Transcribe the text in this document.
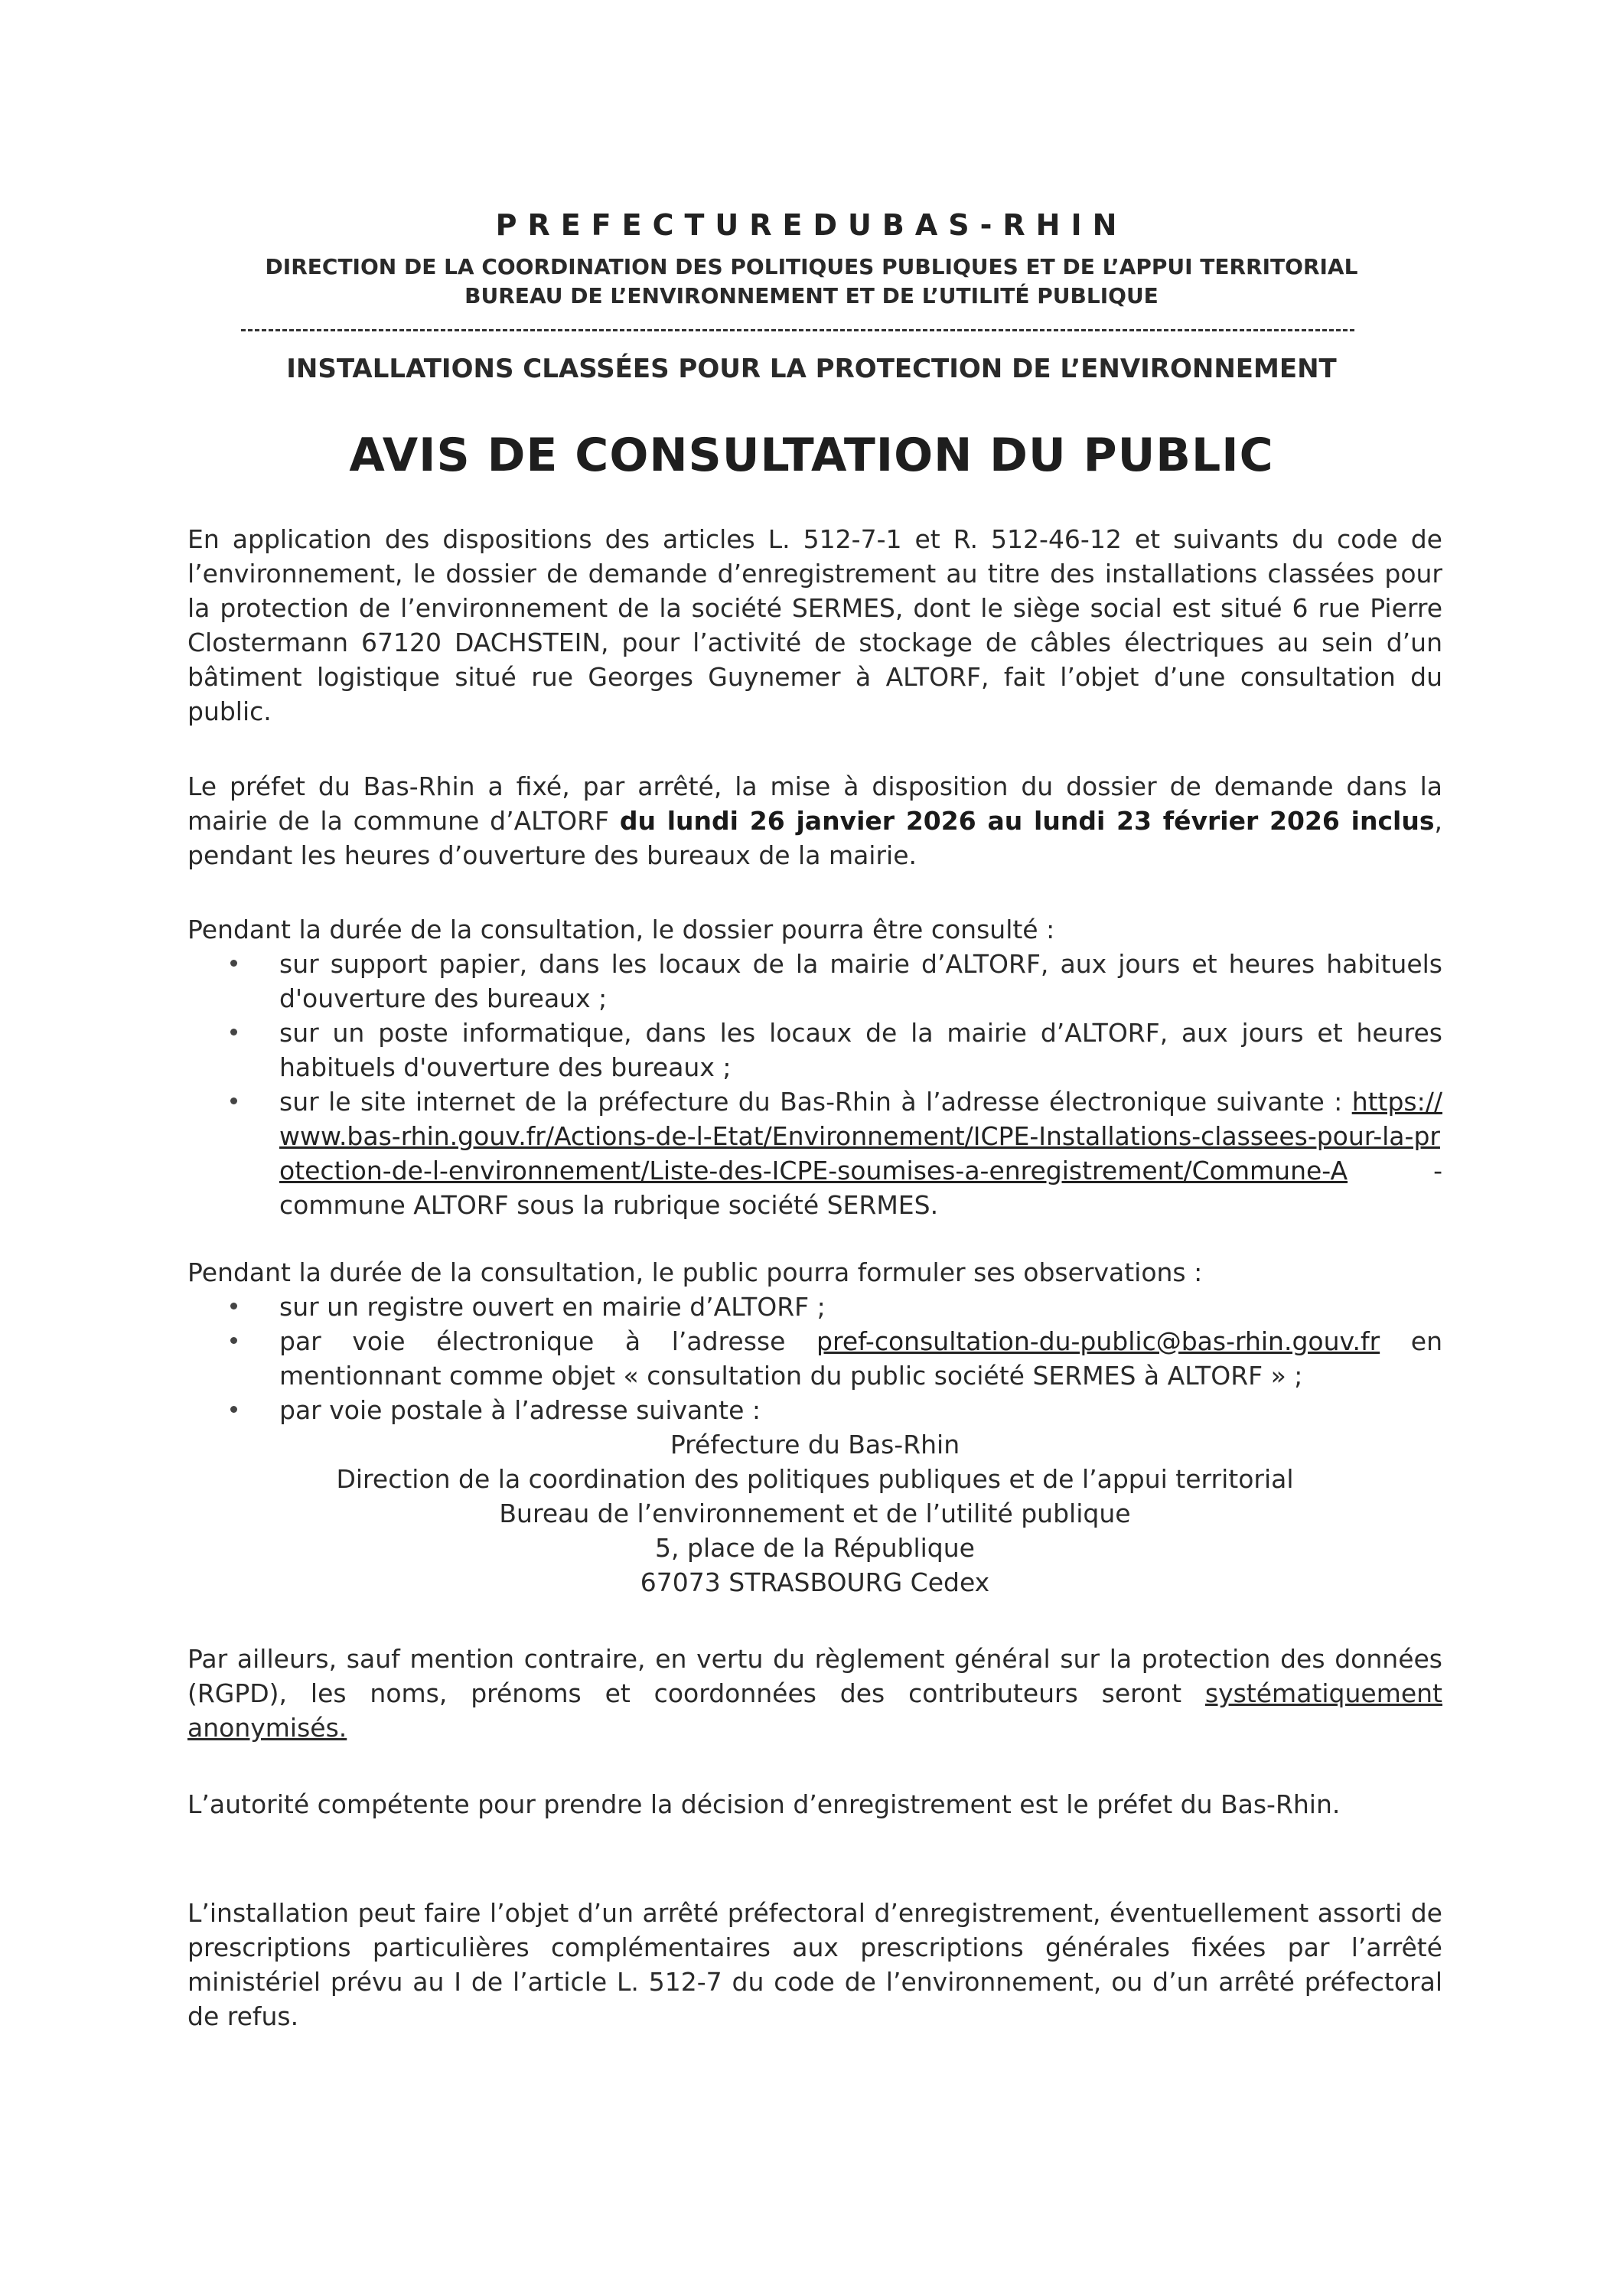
PREFECTUREDUBAS-RHIN
DIRECTION DE LA COORDINATION DES POLITIQUES PUBLIQUES ET DE L’APPUI TERRITORIAL
BUREAU DE L’ENVIRONNEMENT ET DE L’UTILITÉ PUBLIQUE
INSTALLATIONS CLASSÉES POUR LA PROTECTION DE L’ENVIRONNEMENT
AVIS DE CONSULTATION DU PUBLIC
En application des dispositions des articles L. 512-7-1 et R. 512-46-12 et suivants du code de l’environnement, le dossier de demande d’enregistrement au titre des installations classées pour la protection de l’environnement de la société SERMES, dont le siège social est situé 6 rue Pierre Clostermann 67120 DACHSTEIN, pour l’activité de stockage de câbles électriques au sein d’un bâtiment logistique situé rue Georges Guynemer à ALTORF, fait l’objet d’une consultation du public.
Le préfet du Bas-Rhin a fixé, par arrêté, la mise à disposition du dossier de demande dans la mairie de la commune d’ALTORF du lundi 26 janvier 2026 au lundi 23 février 2026 inclus, pendant les heures d’ouverture des bureaux de la mairie.
Pendant la durée de la consultation, le dossier pourra être consulté :
sur support papier, dans les locaux de la mairie d’ALTORF, aux jours et heures habituels d'ouverture des bureaux ;
sur un poste informatique, dans les locaux de la mairie d’ALTORF, aux jours et heures habituels d'ouverture des bureaux ;
sur le site internet de la préfecture du Bas-Rhin à l’adresse électronique suivante : https://www.bas-rhin.gouv.fr/Actions-de-l-Etat/Environnement/ICPE-Installations-classees-pour-la-protection-de-l-environnement/Liste-des-ICPE-soumises-a-enregistrement/Commune-A - commune ALTORF sous la rubrique société SERMES.
Pendant la durée de la consultation, le public pourra formuler ses observations :
sur un registre ouvert en mairie d’ALTORF ;
par voie électronique à l’adresse pref-consultation-du-public@bas-rhin.gouv.fr en mentionnant comme objet « consultation du public société SERMES à ALTORF » ;
par voie postale à l’adresse suivante :
Préfecture du Bas-Rhin
Direction de la coordination des politiques publiques et de l’appui territorial
Bureau de l’environnement et de l’utilité publique
5, place de la République
67073 STRASBOURG Cedex
Par ailleurs, sauf mention contraire, en vertu du règlement général sur la protection des données (RGPD), les noms, prénoms et coordonnées des contributeurs seront systématiquement anonymisés.
L’autorité compétente pour prendre la décision d’enregistrement est le préfet du Bas-Rhin.
L’installation peut faire l’objet d’un arrêté préfectoral d’enregistrement, éventuellement assorti de prescriptions particulières complémentaires aux prescriptions générales fixées par l’arrêté ministériel prévu au I de l’article L. 512-7 du code de l’environnement, ou d’un arrêté préfectoral de refus.
